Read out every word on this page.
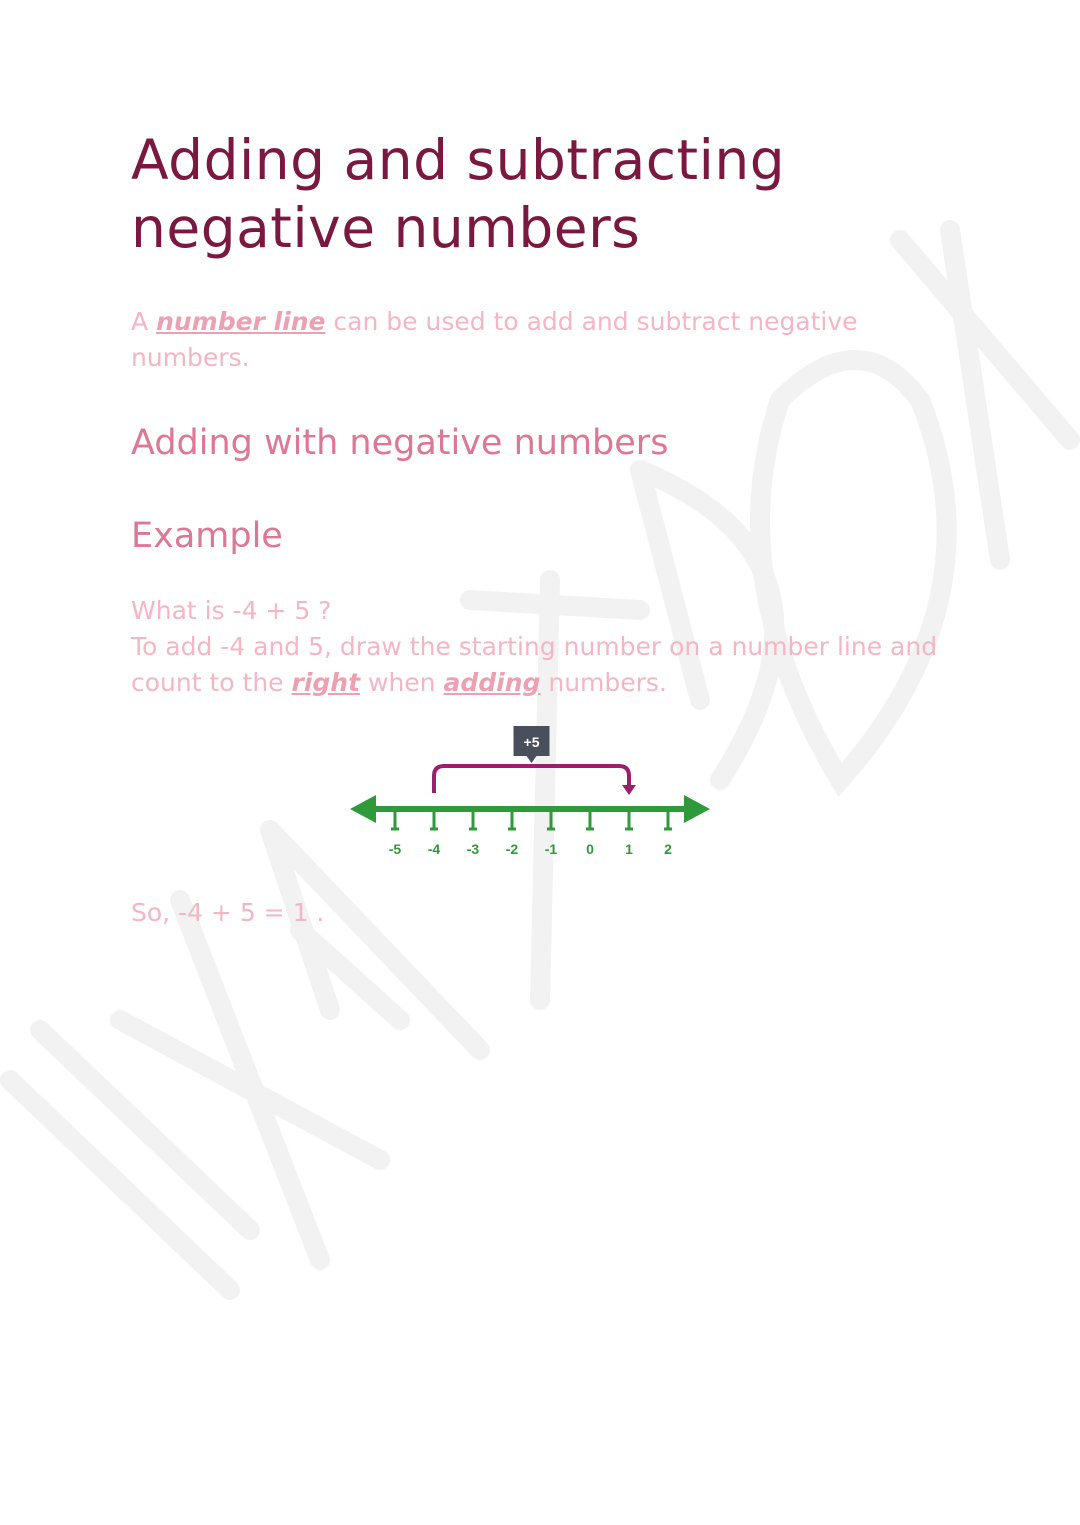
Adding and subtracting negative numbers

A number line can be used to add and subtract negative numbers.

Adding with negative numbers
Example

What is -4 + 5 ?
To add -4 and 5, draw the starting number on a number line and count to the right when adding numbers.

-5 -4 -3 -2 -1 0 1 2
+5

So, -4 + 5 = 1 .
